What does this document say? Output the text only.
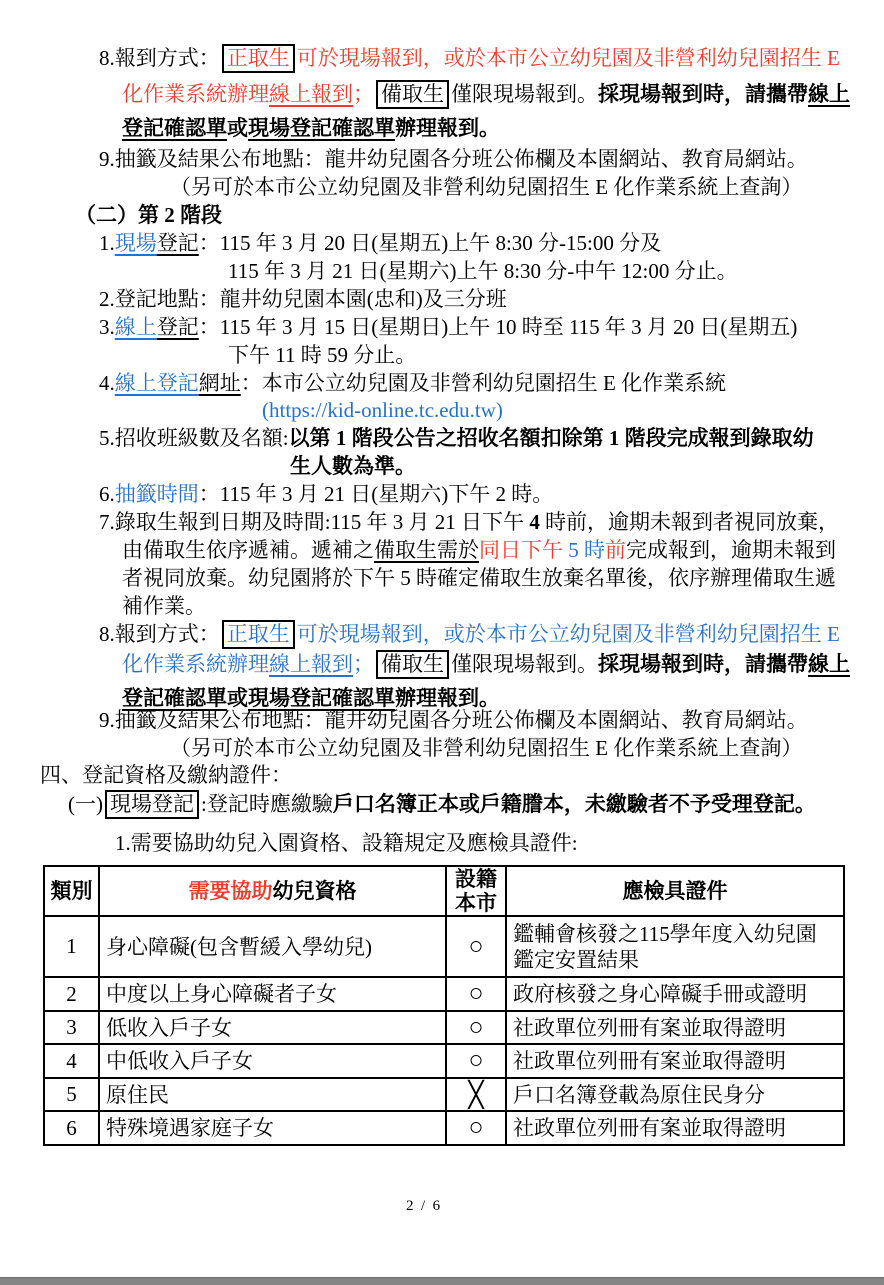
8.報到方式： 正取生 可於現場報到，或於本市公立幼兒園及非營利幼兒園招生 E
化作業系統辦理線上報到； 備取生 僅限現場報到。採現場報到時，請攜帶線上
登記確認單或現場登記確認單辦理報到。
9.抽籤及結果公布地點：龍井幼兒園各分班公佈欄及本園網站、教育局網站。
（另可於本市公立幼兒園及非營利幼兒園招生 E 化作業系統上查詢）
（二）第 2 階段
1.現場登記：115 年 3 月 20 日(星期五)上午 8:30 分-15:00 分及
115 年 3 月 21 日(星期六)上午 8:30 分-中午 12:00 分止。
2.登記地點：龍井幼兒園本園(忠和)及三分班
3.線上登記：115 年 3 月 15 日(星期日)上午 10 時至 115 年 3 月 20 日(星期五)
下午 11 時 59 分止。
4.線上登記網址：本市公立幼兒園及非營利幼兒園招生 E 化作業系統
(https://kid-online.tc.edu.tw)
5.招收班級數及名額:以第 1 階段公告之招收名額扣除第 1 階段完成報到錄取幼
生人數為準。
6.抽籤時間：115 年 3 月 21 日(星期六)下午 2 時。
7.錄取生報到日期及時間:115 年 3 月 21 日下午 4 時前，逾期未報到者視同放棄，
由備取生依序遞補。遞補之備取生需於同日下午 5 時前完成報到，逾期未報到
者視同放棄。幼兒園將於下午 5 時確定備取生放棄名單後，依序辦理備取生遞
補作業。
8.報到方式： 正取生 可於現場報到，或於本市公立幼兒園及非營利幼兒園招生 E
化作業系統辦理線上報到； 備取生 僅限現場報到。採現場報到時，請攜帶線上
登記確認單或現場登記確認單辦理報到。
9.抽籤及結果公布地點：龍井幼兒園各分班公佈欄及本園網站、教育局網站。
（另可於本市公立幼兒園及非營利幼兒園招生 E 化作業系統上查詢）
四、登記資格及繳納證件：
(一) 現場登記 :登記時應繳驗戶口名簿正本或戶籍謄本，未繳驗者不予受理登記。
1.需要協助幼兒入園資格、設籍規定及應檢具證件:
類別	需要協助幼兒資格	設籍本市	應檢具證件
1	身心障礙(包含暫緩入學幼兒)	○	鑑輔會核發之115學年度入幼兒園鑑定安置結果
2	中度以上身心障礙者子女	○	政府核發之身心障礙手冊或證明
3	低收入戶子女	○	社政單位列冊有案並取得證明
4	中低收入戶子女	○	社政單位列冊有案並取得證明
5	原住民	╳	戶口名簿登載為原住民身分
6	特殊境遇家庭子女	○	社政單位列冊有案並取得證明
2  /  6
